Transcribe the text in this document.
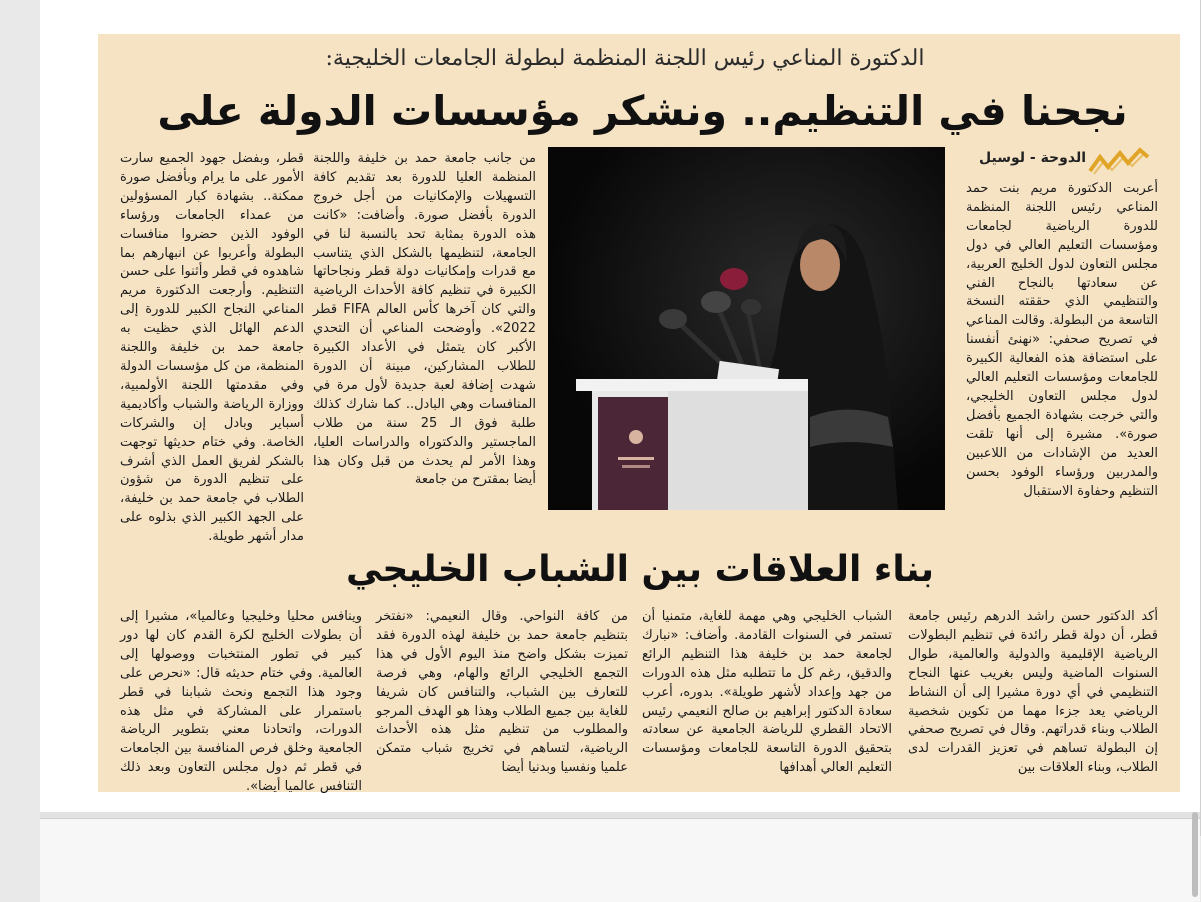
الدكتورة المناعي رئيس اللجنة المنظمة لبطولة الجامعات الخليجية:
نجحنا في التنظيم.. ونشكر مؤسسات الدولة على
الدوحة - لوسيل
أعربت الدكتورة مريم بنت حمد المناعي رئيس اللجنة المنظمة للدورة الرياضية لجامعات ومؤسسات التعليم العالي في دول مجلس التعاون لدول الخليج العربية، عن سعادتها بالنجاح الفني والتنظيمي الذي حققته النسخة التاسعة من البطولة. وقالت المناعي في تصريح صحفي: «نهنئ أنفسنا على استضافة هذه الفعالية الكبيرة للجامعات ومؤسسات التعليم العالي لدول مجلس التعاون الخليجي، والتي خرجت بشهادة الجميع بأفضل صورة». مشيرة إلى أنها تلقت العديد من الإشادات من اللاعبين والمدربين ورؤساء الوفود بحسن التنظيم وحفاوة الاستقبال
من جانب جامعة حمد بن خليفة واللجنة المنظمة العليا للدورة بعد تقديم كافة التسهيلات والإمكانيات من أجل خروج الدورة بأفضل صورة. وأضافت: «كانت هذه الدورة بمثابة تحد بالنسبة لنا في الجامعة، لتنظيمها بالشكل الذي يتناسب مع قدرات وإمكانيات دولة قطر ونجاحاتها الكبيرة في تنظيم كافة الأحداث الرياضية والتي كان آخرها كأس العالم FIFA قطر 2022». وأوضحت المناعي أن التحدي الأكبر كان يتمثل في الأعداد الكبيرة للطلاب المشاركين، مبينة أن الدورة شهدت إضافة لعبة جديدة لأول مرة في المنافسات وهي البادل.. كما شارك كذلك طلبة فوق الـ 25 سنة من طلاب الماجستير والدكتوراه والدراسات العليا، وهذا الأمر لم يحدث من قبل وكان هذا أيضا بمقترح من جامعة
قطر، وبفضل جهود الجميع سارت الأمور على ما يرام وبأفضل صورة ممكنة.. بشهادة كبار المسؤولين من عمداء الجامعات ورؤساء الوفود الذين حضروا منافسات البطولة وأعربوا عن انبهارهم بما شاهدوه في قطر وأثنوا على حسن التنظيم. وأرجعت الدكتورة مريم المناعي النجاح الكبير للدورة إلى الدعم الهائل الذي حظيت به جامعة حمد بن خليفة واللجنة المنظمة، من كل مؤسسات الدولة وفي مقدمتها اللجنة الأولمبية، ووزارة الرياضة والشباب وأكاديمية أسباير وبادل إن والشركات الخاصة. وفي ختام حديثها توجهت بالشكر لفريق العمل الذي أشرف على تنظيم الدورة من شؤون الطلاب في جامعة حمد بن خليفة، على الجهد الكبير الذي بذلوه على مدار أشهر طويلة.
بناء العلاقات بين الشباب الخليجي
أكد الدكتور حسن راشد الدرهم رئيس جامعة قطر، أن دولة قطر رائدة في تنظيم البطولات الرياضية الإقليمية والدولية والعالمية، طوال السنوات الماضية وليس بغريب عنها النجاح التنظيمي في أي دورة مشيرا إلى أن النشاط الرياضي يعد جزءا مهما من تكوين شخصية الطلاب وبناء قدراتهم. وقال في تصريح صحفي إن البطولة تساهم في تعزيز القدرات لدى الطلاب، وبناء العلاقات بين
الشباب الخليجي وهي مهمة للغاية، متمنيا أن تستمر في السنوات القادمة. وأضاف: «نبارك لجامعة حمد بن خليفة هذا التنظيم الرائع والدقيق، رغم كل ما تتطلبه مثل هذه الدورات من جهد وإعداد لأشهر طويلة». بدوره، أعرب سعادة الدكتور إبراهيم بن صالح النعيمي رئيس الاتحاد القطري للرياضة الجامعية عن سعادته بتحقيق الدورة التاسعة للجامعات ومؤسسات التعليم العالي أهدافها
من كافة النواحي. وقال النعيمي: «نفتخر بتنظيم جامعة حمد بن خليفة لهذه الدورة فقد تميزت بشكل واضح منذ اليوم الأول في هذا التجمع الخليجي الرائع والهام، وهي فرصة للتعارف بين الشباب، والتنافس كان شريفا للغاية بين جميع الطلاب وهذا هو الهدف المرجو والمطلوب من تنظيم مثل هذه الأحداث الرياضية، لتساهم في تخريج شباب متمكن علميا ونفسيا وبدنيا أيضا
وينافس محليا وخليجيا وعالميا»، مشيرا إلى أن بطولات الخليج لكرة القدم كان لها دور كبير في تطور المنتخبات ووصولها إلى العالمية. وفي ختام حديثه قال: «نحرص على وجود هذا التجمع ونحث شبابنا في قطر باستمرار على المشاركة في مثل هذه الدورات، واتحادنا معني بتطوير الرياضة الجامعية وخلق فرص المنافسة بين الجامعات في قطر ثم دول مجلس التعاون وبعد ذلك التنافس عالميا أيضا».
